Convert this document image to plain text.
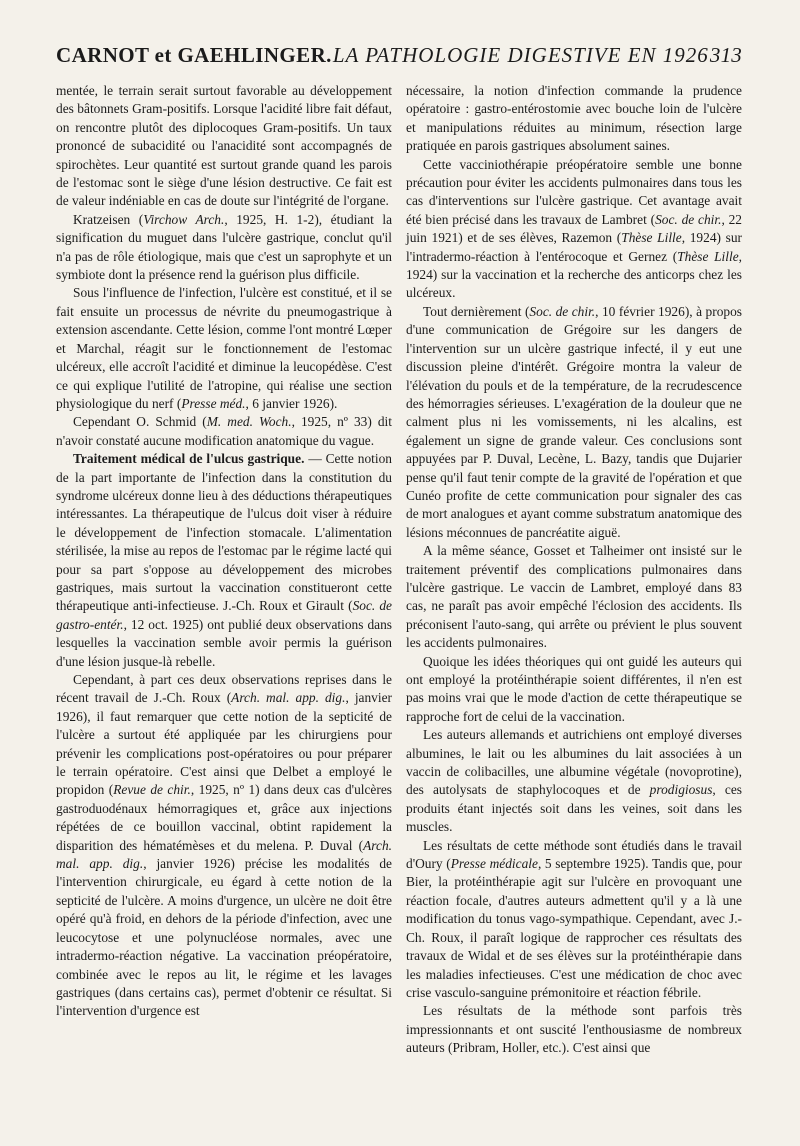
CARNOT et GAEHLINGER. LA PATHOLOGIE DIGESTIVE EN 1926 313

mentée, le terrain serait surtout favorable au développement des bâtonnets Gram-positifs. Lorsque l'acidité libre fait défaut, on rencontre plutôt des diplocoques Gram-positifs. Un taux prononcé de subacidité ou l'anacidité sont accompagnés de spirochètes. Leur quantité est surtout grande quand les parois de l'estomac sont le siège d'une lésion destructive. Ce fait est de valeur indéniable en cas de doute sur l'intégrité de l'organe.

Kratzeisen (Virchow Arch., 1925, H. 1-2), étudiant la signification du muguet dans l'ulcère gastrique, conclut qu'il n'a pas de rôle étiologique, mais que c'est un saprophyte et un symbiote dont la présence rend la guérison plus difficile.

Sous l'influence de l'infection, l'ulcère est constitué, et il se fait ensuite un processus de névrite du pneumogastrique à extension ascendante. Cette lésion, comme l'ont montré Lœper et Marchal, réagit sur le fonctionnement de l'estomac ulcéreux, elle accroît l'acidité et diminue la leucopédèse. C'est ce qui explique l'utilité de l'atropine, qui réalise une section physiologique du nerf (Presse méd., 6 janvier 1926).

Cependant O. Schmid (M. med. Woch., 1925, nº 33) dit n'avoir constaté aucune modification anatomique du vague.

Traitement médical de l'ulcus gastrique. — Cette notion de la part importante de l'infection dans la constitution du syndrome ulcéreux donne lieu à des déductions thérapeutiques intéressantes. La thérapeutique de l'ulcus doit viser à réduire le développement de l'infection stomacale. L'alimentation stérilisée, la mise au repos de l'estomac par le régime lacté qui pour sa part s'oppose au développement des microbes gastriques, mais surtout la vaccination constitueront cette thérapeutique anti-infectieuse. J.-Ch. Roux et Girault (Soc. de gastro-entér., 12 oct. 1925) ont publié deux observations dans lesquelles la vaccination semble avoir permis la guérison d'une lésion jusque-là rebelle.

Cependant, à part ces deux observations reprises dans le récent travail de J.-Ch. Roux (Arch. mal. app. dig., janvier 1926), il faut remarquer que cette notion de la septicité de l'ulcère a surtout été appliquée par les chirurgiens pour prévenir les complications post-opératoires ou pour préparer le terrain opératoire. C'est ainsi que Delbet a employé le propidon (Revue de chir., 1925, nº 1) dans deux cas d'ulcères gastroduodénaux hémorragiques et, grâce aux injections répétées de ce bouillon vaccinal, obtint rapidement la disparition des hématémèses et du melena. P. Duval (Arch. mal. app. dig., janvier 1926) précise les modalités de l'intervention chirurgicale, eu égard à cette notion de la septicité de l'ulcère. A moins d'urgence, un ulcère ne doit être opéré qu'à froid, en dehors de la période d'infection, avec une leucocytose et une polynucléose normales, avec une intradermo-réaction négative. La vaccination préopératoire, combinée avec le repos au lit, le régime et les lavages gastriques (dans certains cas), permet d'obtenir ce résultat. Si l'intervention d'urgence est

nécessaire, la notion d'infection commande la prudence opératoire : gastro-entérostomie avec bouche loin de l'ulcère et manipulations réduites au minimum, résection large pratiquée en parois gastriques absolument saines.

Cette vacciniothérapie préopératoire semble une bonne précaution pour éviter les accidents pulmonaires dans tous les cas d'interventions sur l'ulcère gastrique. Cet avantage avait été bien précisé dans les travaux de Lambret (Soc. de chir., 22 juin 1921) et de ses élèves, Razemon (Thèse Lille, 1924) sur l'intradermo-réaction à l'entérocoque et Gernez (Thèse Lille, 1924) sur la vaccination et la recherche des anticorps chez les ulcéreux.

Tout dernièrement (Soc. de chir., 10 février 1926), à propos d'une communication de Grégoire sur les dangers de l'intervention sur un ulcère gastrique infecté, il y eut une discussion pleine d'intérêt. Grégoire montra la valeur de l'élévation du pouls et de la température, de la recrudescence des hémorragies sérieuses. L'exagération de la douleur que ne calment plus ni les vomissements, ni les alcalins, est également un signe de grande valeur. Ces conclusions sont appuyées par P. Duval, Lecène, L. Bazy, tandis que Dujarier pense qu'il faut tenir compte de la gravité de l'opération et que Cunéo profite de cette communication pour signaler des cas de mort analogues et ayant comme substratum anatomique des lésions méconnues de pancréatite aiguë.

A la même séance, Gosset et Talheimer ont insisté sur le traitement préventif des complications pulmonaires dans l'ulcère gastrique. Le vaccin de Lambret, employé dans 83 cas, ne paraît pas avoir empêché l'éclosion des accidents. Ils préconisent l'auto-sang, qui arrête ou prévient le plus souvent les accidents pulmonaires.

Quoique les idées théoriques qui ont guidé les auteurs qui ont employé la protéinthérapie soient différentes, il n'en est pas moins vrai que le mode d'action de cette thérapeutique se rapproche fort de celui de la vaccination.

Les auteurs allemands et autrichiens ont employé diverses albumines, le lait ou les albumines du lait associées à un vaccin de colibacilles, une albumine végétale (novoprotine), des autolysats de staphylocoques et de prodigiosus, ces produits étant injectés soit dans les veines, soit dans les muscles.

Les résultats de cette méthode sont étudiés dans le travail d'Oury (Presse médicale, 5 septembre 1925). Tandis que, pour Bier, la protéinthérapie agit sur l'ulcère en provoquant une réaction focale, d'autres auteurs admettent qu'il y a là une modification du tonus vago-sympathique. Cependant, avec J.-Ch. Roux, il paraît logique de rapprocher ces résultats des travaux de Widal et de ses élèves sur la protéinthérapie dans les maladies infectieuses. C'est une médication de choc avec crise vasculo-sanguine prémonitoire et réaction fébrile.

Les résultats de la méthode sont parfois très impressionnants et ont suscité l'enthousiasme de nombreux auteurs (Pribram, Holler, etc.). C'est ainsi que
